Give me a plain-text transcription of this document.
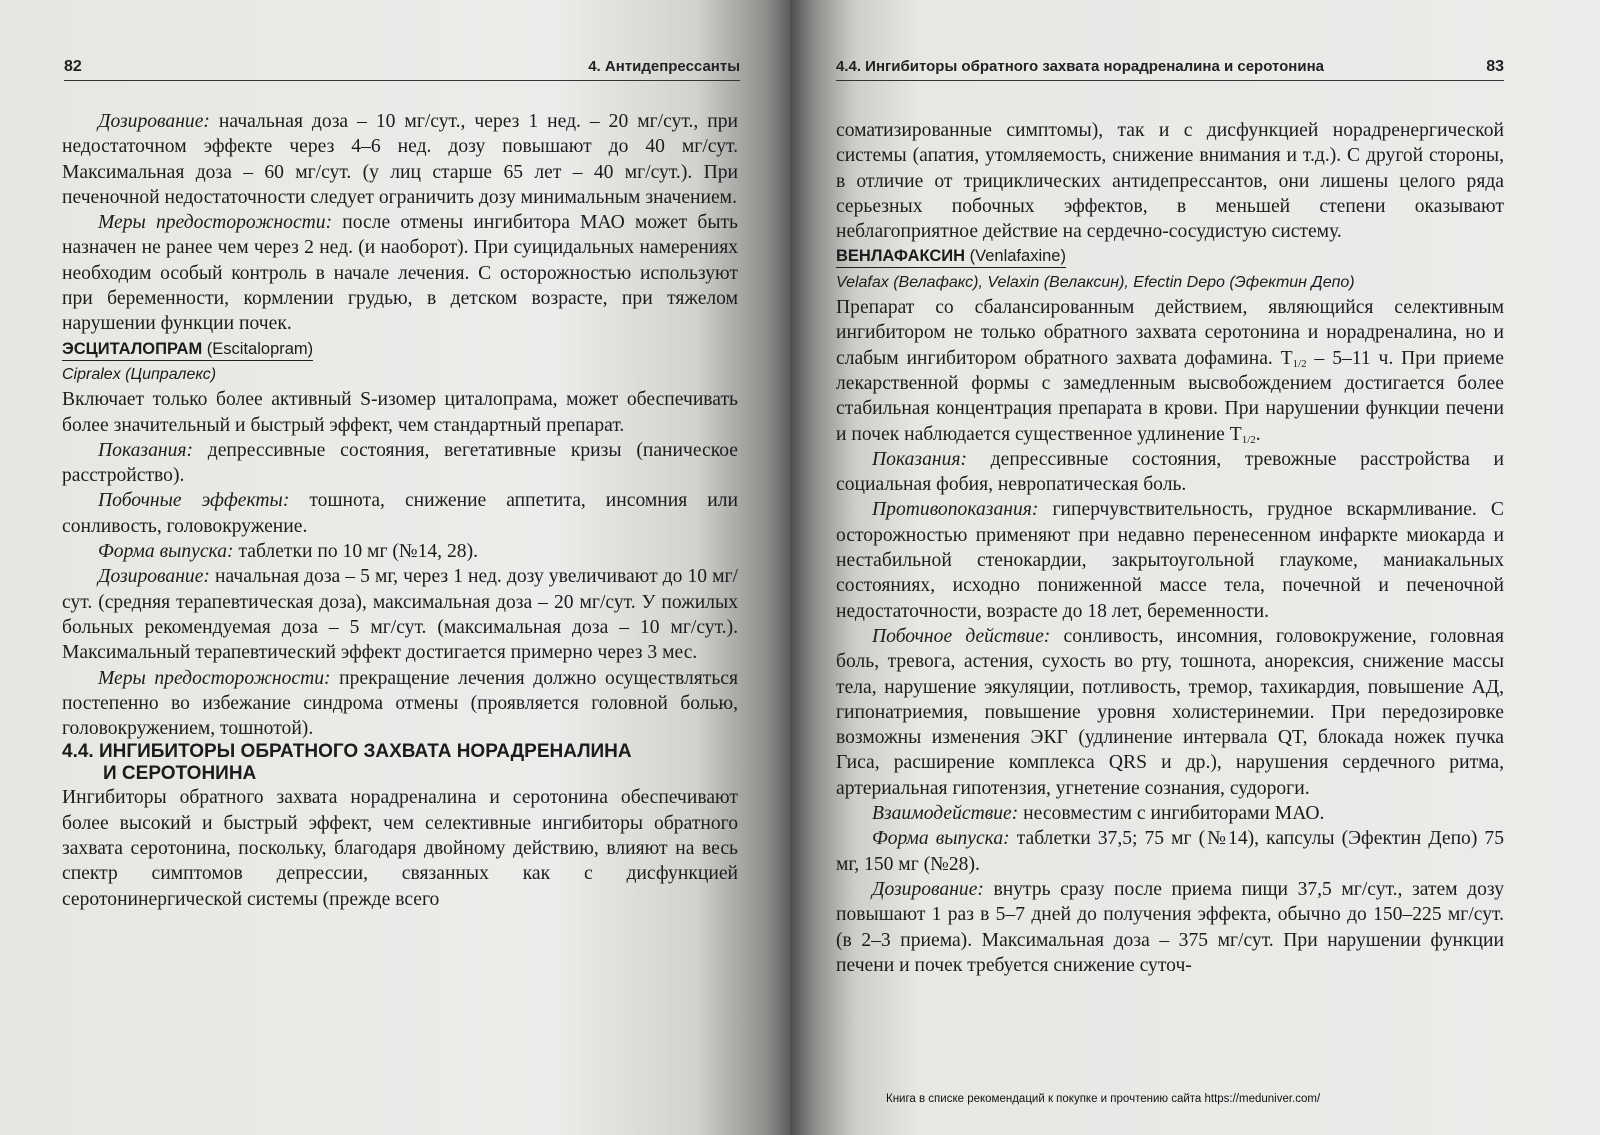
82	4. Антидепрессанты

Дозирование: начальная доза – 10 мг/сут., через 1 нед. – 20 мг/сут., при недостаточном эффекте через 4–6 нед. дозу повышают до 40 мг/сут. Максимальная доза – 60 мг/сут. (у лиц старше 65 лет – 40 мг/сут.). При печеночной недостаточности следует ограничить дозу минимальным значением.

Меры предосторожности: после отмены ингибитора МАО может быть назначен не ранее чем через 2 нед. (и наоборот). При суицидальных намерениях необходим особый контроль в начале лечения. С осторожностью используют при беременности, кормлении грудью, в детском возрасте, при тяжелом нарушении функции почек.

ЭСЦИТАЛОПРАМ (Escitalopram)

Cipralex (Ципралекс)

Включает только более активный S-изомер циталопрама, может обеспечивать более значительный и быстрый эффект, чем стандартный препарат.

Показания: депрессивные состояния, вегетативные кризы (паническое расстройство).

Побочные эффекты: тошнота, снижение аппетита, инсомния или сонливость, головокружение.

Форма выпуска: таблетки по 10 мг (№14, 28).

Дозирование: начальная доза – 5 мг, через 1 нед. дозу увеличивают до 10 мг/сут. (средняя терапевтическая доза), максимальная доза – 20 мг/сут. У пожилых больных рекомендуемая доза – 5 мг/сут. (максимальная доза – 10 мг/сут.). Максимальный терапевтический эффект достигается примерно через 3 мес.

Меры предосторожности: прекращение лечения должно осуществляться постепенно во избежание синдрома отмены (проявляется головной болью, головокружением, тошнотой).

4.4. ИНГИБИТОРЫ ОБРАТНОГО ЗАХВАТА НОРАДРЕНАЛИНА
И СЕРОТОНИНА

Ингибиторы обратного захвата норадреналина и серотонина обеспечивают более высокий и быстрый эффект, чем селективные ингибиторы обратного захвата серотонина, поскольку, благодаря двойному действию, влияют на весь спектр симптомов депрессии, связанных как с дисфункцией серотонинергической системы (прежде всего

4.4. Ингибиторы обратного захвата норадреналина и серотонина	83

соматизированные симптомы), так и с дисфункцией норадренергической системы (апатия, утомляемость, снижение внимания и т.д.). С другой стороны, в отличие от трициклических антидепрессантов, они лишены целого ряда серьезных побочных эффектов, в меньшей степени оказывают неблагоприятное действие на сердечно-сосудистую систему.

ВЕНЛАФАКСИН (Venlafaxine)

Velafax (Велафакс), Velaxin (Велаксин), Efectin Depo (Эфектин Депо)

Препарат со сбалансированным действием, являющийся селективным ингибитором не только обратного захвата серотонина и норадреналина, но и слабым ингибитором обратного захвата дофамина. $T_{1/2} - 5-11$ ч. При приеме лекарственной формы с замедленным высвобождением достигается более стабильная концентрация препарата в крови. При нарушении функции печени и почек наблюдается существенное удлинение $T_{1/2}$.

Показания: депрессивные состояния, тревожные расстройства и социальная фобия, невропатическая боль.

Противопоказания: гиперчувствительность, грудное вскармливание. С осторожностью применяют при недавно перенесенном инфаркте миокарда и нестабильной стенокардии, закрытоугольной глаукоме, маниакальных состояниях, исходно пониженной массе тела, почечной и печеночной недостаточности, возрасте до 18 лет, беременности.

Побочное действие: сонливость, инсомния, головокружение, головная боль, тревога, астения, сухость во рту, тошнота, анорексия, снижение массы тела, нарушение эякуляции, потливость, тремор, тахикардия, повышение АД, гипонатриемия, повышение уровня холистеринемии. При передозировке возможны изменения ЭКГ (удлинение интервала QT, блокада ножек пучка Гиса, расширение комплекса QRS и др.), нарушения сердечного ритма, артериальная гипотензия, угнетение сознания, судороги.

Взаимодействие: несовместим с ингибиторами МАО.

Форма выпуска: таблетки 37,5; 75 мг (№14), капсулы (Эфектин Депо) 75 мг, 150 мг (№28).

Дозирование: внутрь сразу после приема пищи 37,5 мг/сут., затем дозу повышают 1 раз в 5–7 дней до получения эффекта, обычно до 150–225 мг/сут. (в 2–3 приема). Максимальная доза – 375 мг/сут. При нарушении функции печени и почек требуется снижение суточ-

Книга в списке рекомендаций к покупке и прочтению сайта https://meduniver.com/
